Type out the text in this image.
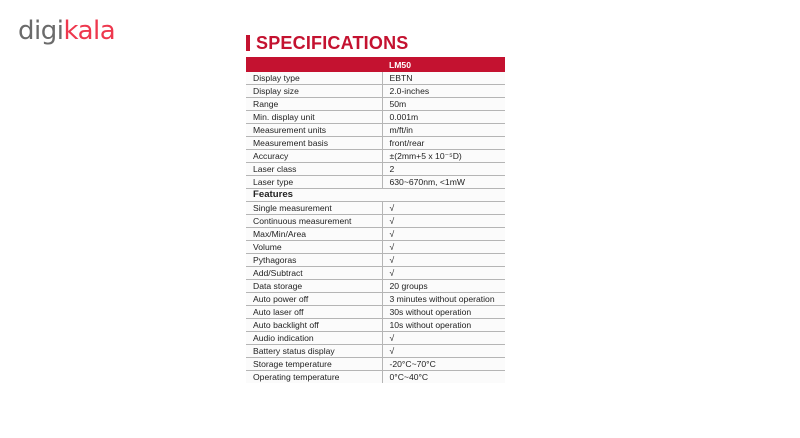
digikala	SPECIFICATIONS
	LM50
Display type	EBTN
Display size	2.0-inches
Range	50m
Min. display unit	0.001m
Measurement units	m/ft/in
Measurement basis	front/rear
Accuracy	±(2mm+5 x 10⁻⁵D)
Laser class	2
Laser type	630~670nm, <1mW
Features	
Single measurement	√
Continuous measurement	√
Max/Min/Area	√
Volume	√
Pythagoras	√
Add/Subtract	√
Data storage	20 groups
Auto power off	3 minutes without operation
Auto laser off	30s without operation
Auto backlight off	10s without operation
Audio indication	√
Battery status display	√
Storage temperature	-20°C~70°C
Operating temperature	0°C~40°C
